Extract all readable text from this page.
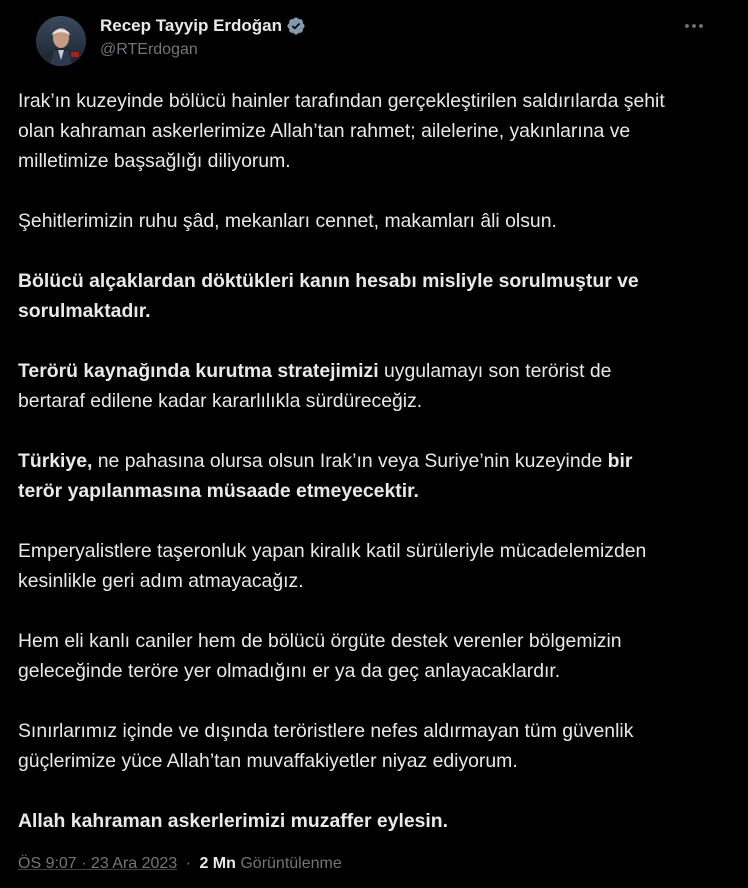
Recep Tayyip Erdoğan
@RTErdogan

Irak’ın kuzeyinde bölücü hainler tarafından gerçekleştirilen saldırılarda şehit
olan kahraman askerlerimize Allah’tan rahmet; ailelerine, yakınlarına ve
milletimize başsağlığı diliyorum.

Şehitlerimizin ruhu şâd, mekanları cennet, makamları âli olsun.

Bölücü alçaklardan döktükleri kanın hesabı misliyle sorulmuştur ve
sorulmaktadır.

Terörü kaynağında kurutma stratejimizi uygulamayı son terörist de
bertaraf edilene kadar kararlılıkla sürdüreceğiz.

Türkiye, ne pahasına olursa olsun Irak’ın veya Suriye’nin kuzeyinde bir
terör yapılanmasına müsaade etmeyecektir.

Emperyalistlere taşeronluk yapan kiralık katil sürüleriyle mücadelemizden
kesinlikle geri adım atmayacağız.

Hem eli kanlı caniler hem de bölücü örgüte destek verenler bölgemizin
geleceğinde teröre yer olmadığını er ya da geç anlayacaklardır.

Sınırlarımız içinde ve dışında teröristlere nefes aldırmayan tüm güvenlik
güçlerimize yüce Allah’tan muvaffakiyetler niyaz ediyorum.

Allah kahraman askerlerimizi muzaffer eylesin.

ÖS 9:07 · 23 Ara 2023 · 2 Mn Görüntülenme
